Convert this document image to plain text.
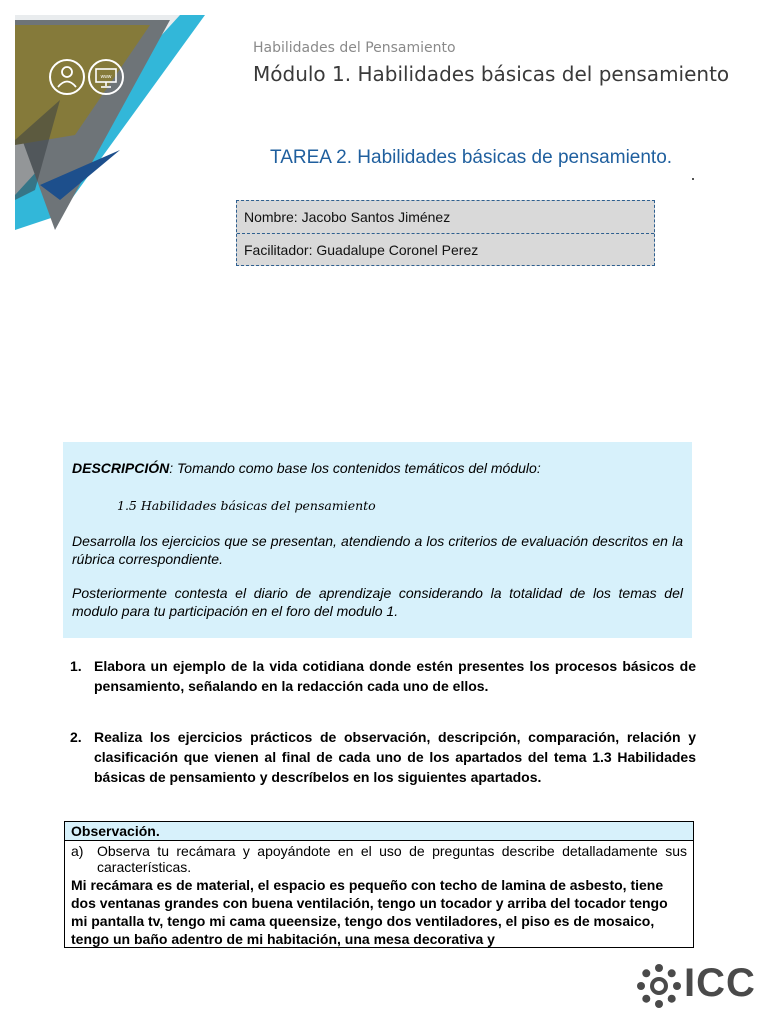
www
Habilidades del Pensamiento
Módulo 1. Habilidades básicas del pensamiento
TAREA 2. Habilidades básicas de pensamiento.
Nombre: Jacobo Santos Jiménez
Facilitador: Guadalupe Coronel Perez

DESCRIPCIÓN: Tomando como base los contenidos temáticos del módulo:

1.5 Habilidades básicas del pensamiento

Desarrolla los ejercicios que se presentan, atendiendo a los criterios de evaluación descritos en la rúbrica correspondiente.

Posteriormente contesta el diario de aprendizaje considerando la totalidad de los temas del modulo para tu participación en el foro del modulo 1.

1. Elabora un ejemplo de la vida cotidiana donde estén presentes los procesos básicos de pensamiento, señalando en la redacción cada uno de ellos.
2. Realiza los ejercicios prácticos de observación, descripción, comparación, relación y clasificación que vienen al final de cada uno de los apartados del tema 1.3 Habilidades básicas de pensamiento y descríbelos en los siguientes apartados.
Observación.
a) Observa tu recámara y apoyándote en el uso de preguntas describe detalladamente sus características.
Mi recámara es de material, el espacio es pequeño con techo de lamina de asbesto, tiene dos ventanas grandes con buena ventilación, tengo un tocador y arriba del tocador tengo mi pantalla tv, tengo mi cama queensize, tengo dos ventiladores, el piso es de mosaico, tengo un baño adentro de mi habitación, una mesa decorativa y
ICC
